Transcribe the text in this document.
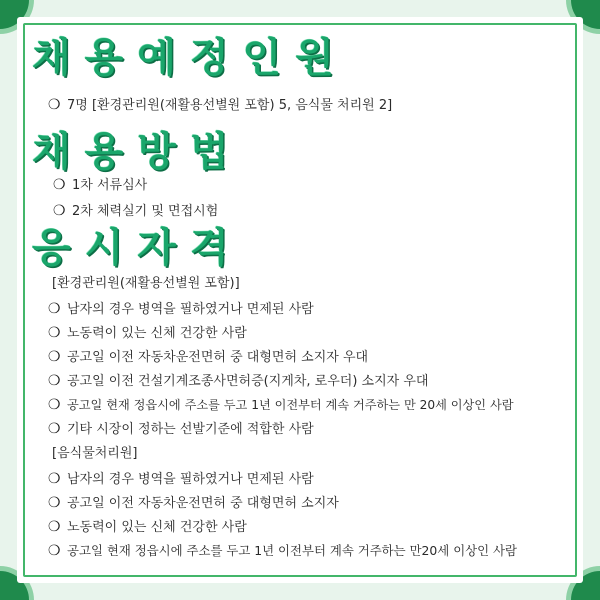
채용예정인원
❍ 7명 [환경관리원(재활용선별원 포함) 5, 음식물 처리원 2]
채용방법
❍ 1차 서류심사
❍ 2차 체력실기 및 면접시험
응시자격
[환경관리원(재활용선별원 포함)]
❍ 남자의 경우 병역을 필하였거나 면제된 사람
❍ 노동력이 있는 신체 건강한 사람
❍ 공고일 이전 자동차운전면허 중 대형면허 소지자 우대
❍ 공고일 이전 건설기계조종사면허증(지게차, 로우더) 소지자 우대
❍ 공고일 현재 정읍시에 주소를 두고 1년 이전부터 계속 거주하는 만 20세 이상인 사람
❍ 기타 시장이 정하는 선발기준에 적합한 사람
[음식물처리원]
❍ 남자의 경우 병역을 필하였거나 면제된 사람
❍ 공고일 이전 자동차운전면허 중 대형면허 소지자
❍ 노동력이 있는 신체 건강한 사람
❍ 공고일 현재 정읍시에 주소를 두고 1년 이전부터 계속 거주하는 만20세 이상인 사람
